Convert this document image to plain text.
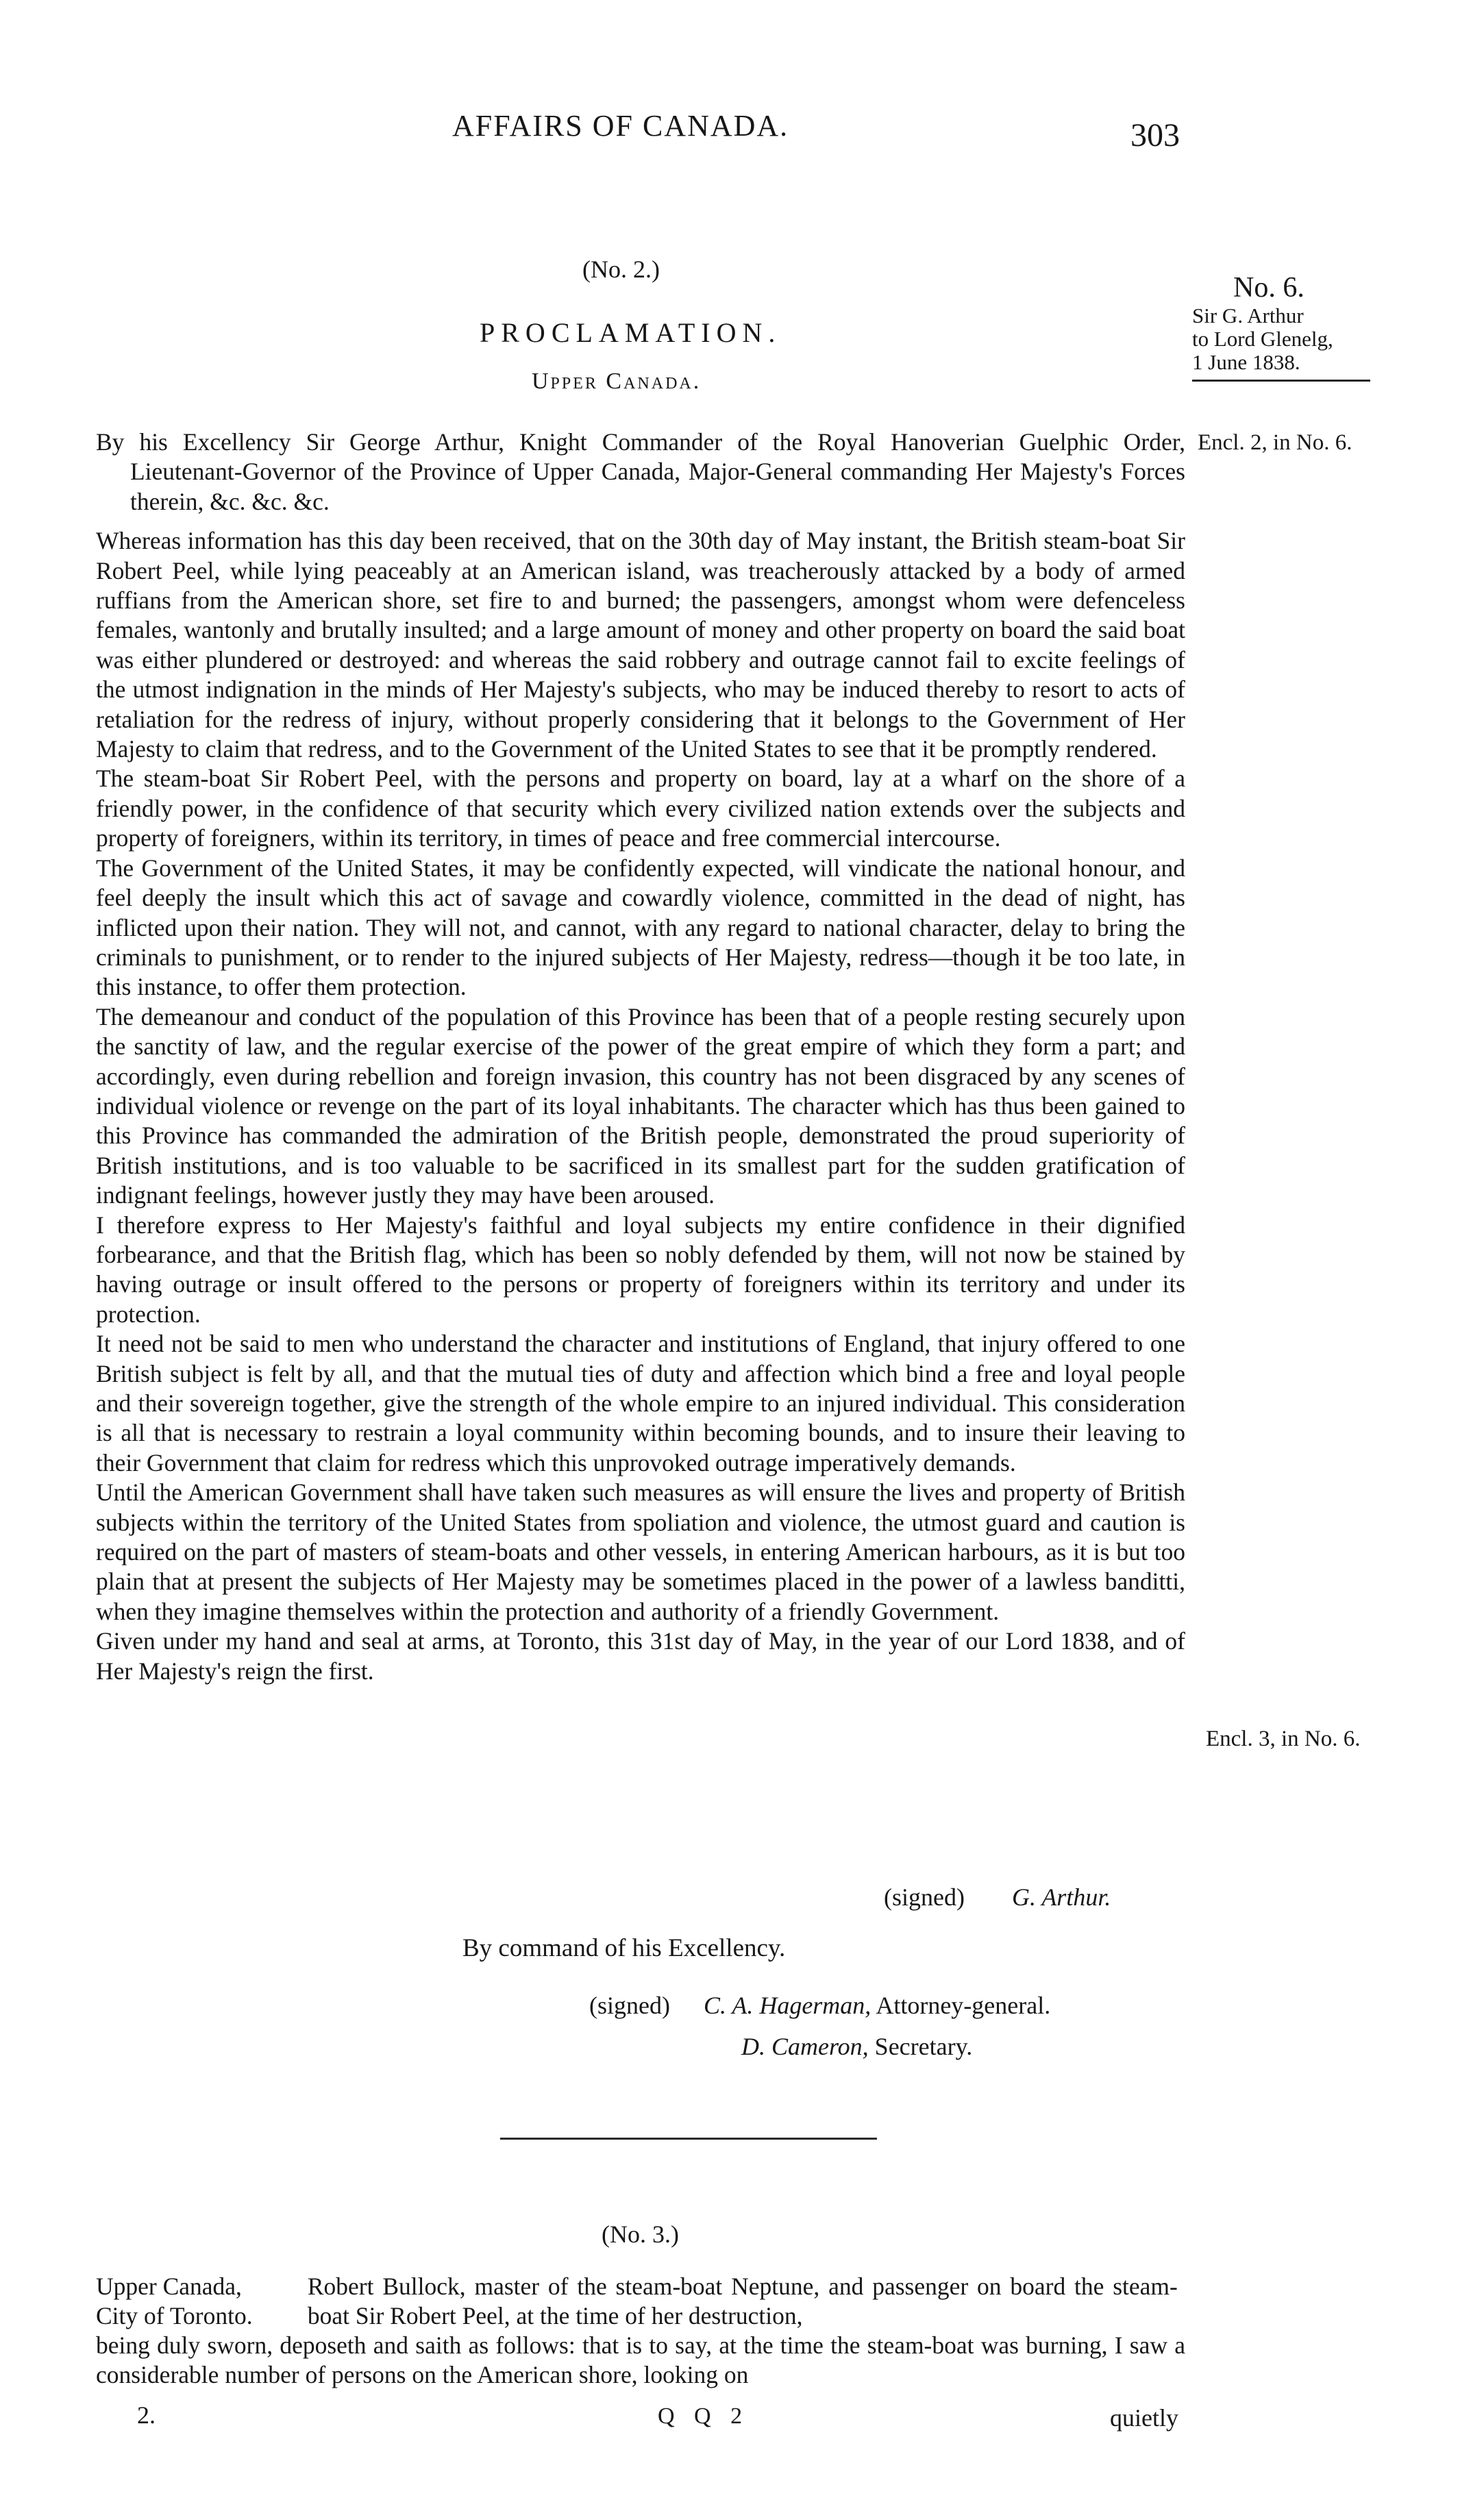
AFFAIRS OF CANADA.	303
PROCLAMATION.
(No. 2.)
Upper Canada.
No. 6.
Sir G. Arthur
to Lord Glenelg,
1 June 1838.
Encl. 2, in No. 6.

By his Excellency Sir George Arthur, Knight Commander of the Royal Hanoverian Guelphic Order, Lieutenant-Governor of the Province of Upper Canada, Major-General commanding Her Majesty's Forces therein, &c. &c. &c.

Whereas information has this day been received, that on the 30th day of May instant, the British steam-boat Sir Robert Peel, while lying peaceably at an American island, was treacherously attacked by a body of armed ruffians from the American shore, set fire to and burned; the passengers, amongst whom were defenceless females, wantonly and brutally insulted; and a large amount of money and other property on board the said boat was either plundered or destroyed: and whereas the said robbery and outrage cannot fail to excite feelings of the utmost indignation in the minds of Her Majesty's subjects, who may be induced thereby to resort to acts of retaliation for the redress of injury, without properly considering that it belongs to the Government of Her Majesty to claim that redress, and to the Government of the United States to see that it be promptly rendered.

The steam-boat Sir Robert Peel, with the persons and property on board, lay at a wharf on the shore of a friendly power, in the confidence of that security which every civilized nation extends over the subjects and property of foreigners, within its territory, in times of peace and free commercial intercourse.

The Government of the United States, it may be confidently expected, will vindicate the national honour, and feel deeply the insult which this act of savage and cowardly violence, committed in the dead of night, has inflicted upon their nation. They will not, and cannot, with any regard to national character, delay to bring the criminals to punishment, or to render to the injured subjects of Her Majesty, redress—though it be too late, in this instance, to offer them protection.

The demeanour and conduct of the population of this Province has been that of a people resting securely upon the sanctity of law, and the regular exercise of the power of the great empire of which they form a part; and accordingly, even during rebellion and foreign invasion, this country has not been disgraced by any scenes of individual violence or revenge on the part of its loyal inhabitants. The character which has thus been gained to this Province has commanded the admiration of the British people, demonstrated the proud superiority of British institutions, and is too valuable to be sacrificed in its smallest part for the sudden gratification of indignant feelings, however justly they may have been aroused.

I therefore express to Her Majesty's faithful and loyal subjects my entire confidence in their dignified forbearance, and that the British flag, which has been so nobly defended by them, will not now be stained by having outrage or insult offered to the persons or property of foreigners within its territory and under its protection.

It need not be said to men who understand the character and institutions of England, that injury offered to one British subject is felt by all, and that the mutual ties of duty and affection which bind a free and loyal people and their sovereign together, give the strength of the whole empire to an injured individual. This consideration is all that is necessary to restrain a loyal community within becoming bounds, and to insure their leaving to their Government that claim for redress which this unprovoked outrage imperatively demands.

Until the American Government shall have taken such measures as will ensure the lives and property of British subjects within the territory of the United States from spoliation and violence, the utmost guard and caution is required on the part of masters of steam-boats and other vessels, in entering American harbours, as it is but too plain that at present the subjects of Her Majesty may be sometimes placed in the power of a lawless banditti, when they imagine themselves within the protection and authority of a friendly Government.

Given under my hand and seal at arms, at Toronto, this 31st day of May, in the year of our Lord 1838, and of Her Majesty's reign the first.

(signed) G. Arthur.
By command of his Excellency.
(signed) C. A. Hagerman, Attorney-general.
D. Cameron, Secretary.
(No. 3.)
Encl. 3, in No. 6.
Upper Canada,
City of Toronto.
Robert Bullock, master of the steam-boat Neptune, and passenger on board the steam-boat Sir Robert Peel, at the time of her destruction,
being duly sworn, deposeth and saith as follows: that is to say, at the time the steam-boat was burning, I saw a considerable number of persons on the American shore, looking on
2.	Q Q 2	quietly
